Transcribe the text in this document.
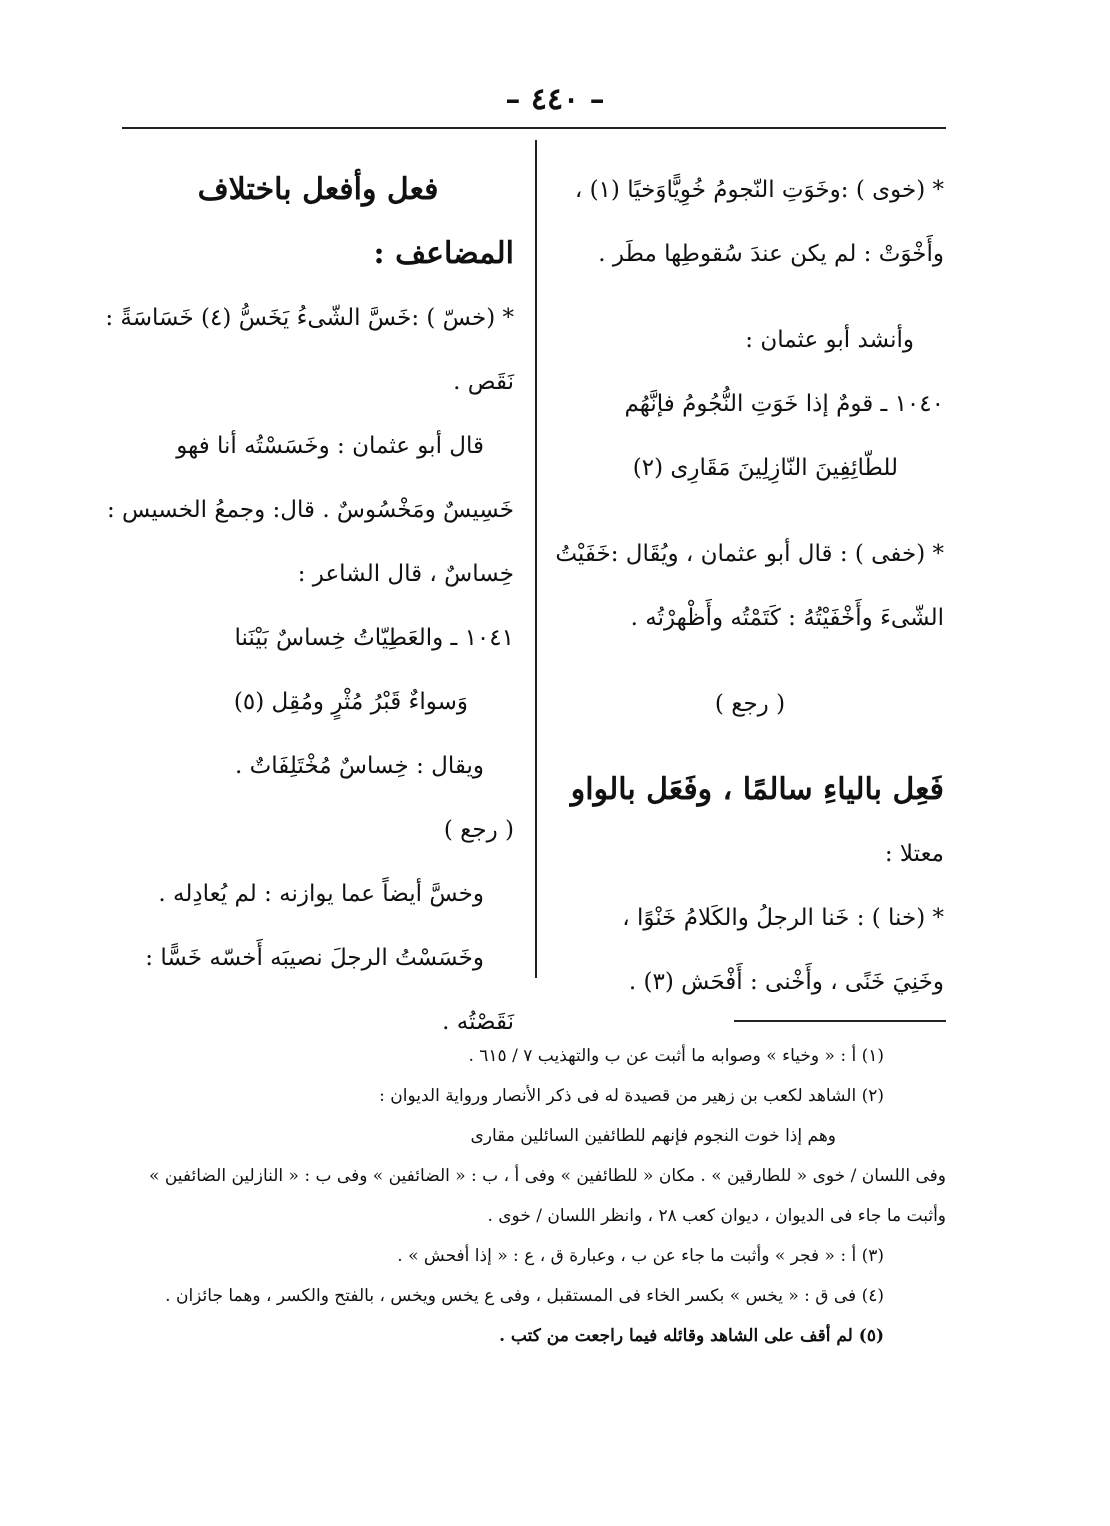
– ٤٤٠ –
* (خوى ) :وخَوَتِ النّجومُ خُوِيًّاوَخيًا (١) ،
وأَخْوَتْ : لم يكن عندَ سُقوطِها مطَر .
وأنشد أبو عثمان :
١٠٤٠ ـ قومٌ إذا خَوَتِ النُّجُومُ فإنَّهُم
للطّائِفِينَ النّازِلِينَ مَقَارِى (٢)
* (خفى ) : قال أبو عثمان ، ويُقَال :خَفَيْتُ
الشّىءَ وأَخْفَيْتُهُ : كَتَمْتُه وأَظْهرْتُه .
( رجع )
فَعِل بالياءِ سالمًا ، وفَعَل بالواو
معتلا :
* (خنا ) : خَنا الرجلُ والكَلامُ خَنْوًا ،
وخَنِيَ خَنًى ، وأَخْنى : أَفْحَش (٣) .
فعل وأفعل باختلاف
المضاعف :
* (خسّ ) :خَسَّ الشّىءُ يَخَسُّ (٤) خَسَاسَةً :
نَقَص .
قال أبو عثمان : وخَسَسْتُه أنا فهو
خَسِيسٌ ومَخْسُوسٌ . قال: وجمعُ الخسيس :
خِساسٌ ، قال الشاعر :
١٠٤١ ـ والعَطِيّاتُ خِساسٌ بَيْنَنا
وَسواءٌ قَبْرُ مُثْرٍ ومُقِل (٥)
ويقال : خِساسٌ مُخْتَلِفَاتٌ .
( رجع )
وخسَّ أيضاً عما يوازنه : لم يُعادِله .
وخَسَسْتُ الرجلَ نصيبَه أَخسّه خَسًّا :
نَقَصْتُه .
(١) أ : « وخياء » وصوابه ما أثبت عن ب والتهذيب ٧ / ٦١٥ .
(٢) الشاهد لكعب بن زهير من قصيدة له فى ذكر الأنصار ورواية الديوان :
وهم إذا خوت النجوم فإنهم للطائفين السائلين مقارى
وفى اللسان / خوى « للطارقين » . مكان « للطائفين » وفى أ ، ب : « الضائفين » وفى ب : « النازلين الضائفين »
وأثبت ما جاء فى الديوان ، ديوان كعب ٢٨ ، وانظر اللسان / خوى .
(٣) أ : « فجر » وأثبت ما جاء عن ب ، وعبارة ق ، ع : « إذا أفحش » .
(٤) فى ق : « يخس » بكسر الخاء فى المستقبل ، وفى ع يخس ويخس ، بالفتح والكسر ، وهما جائزان .
(٥) لم أقف على الشاهد وقائله فيما راجعت من كتب .
